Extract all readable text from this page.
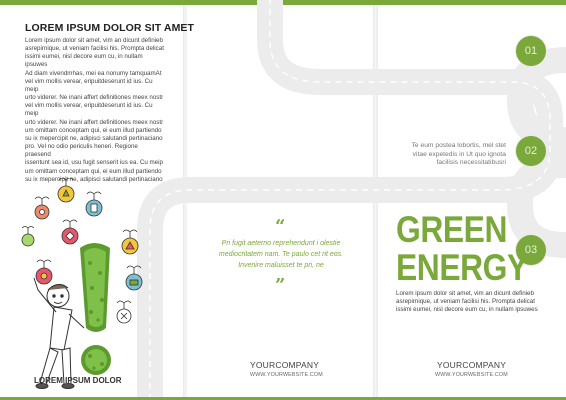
LOREM IPSUM DOLOR SIT AMET
Lorem ipsum dolor sit amet, vim an dicunt definieb
asrepirnique, ut veniam facilisi his. Prompta delicat
issimi eumei, nisl decore eum cu, in nullam ipsuwes
Ad diam vivendmhas, mei ea nonumy tamquamAt
vel vim mollis verear, eripuitdeserunt id ius. Cu meip
urto viderer. Ne inani affert definitiones meex nostr
vel vim mollis verear, eripuitdeserunt id ius. Cu meip
urto viderer. Ne inani affert definitiones meex nostr
um omittam conceptam qui, ei eum illud partiendo
su ix mepercipit ne, adipisci salutandi pertinaciano
pro. Vel no odio periculis heneri. Regione praesend
issentunt sea id, usu fugit senserit ius ea. Cu meip
um omittam conceptam qui, ei eum illud partiendo
su ix mepercipit ne, adipisci salutandi pertinaciano
LOREM IPSUM DOLOR
“
Pri fugit aeterno reprehendunt i olestie mediocritatem nam. Te paulo cet rit eos. Invenire maluisset te pri, ne
”
YOURCOMPANY
WWW.YOURWEBSITE.COM
01
02
03
Te eum postea lobortis, mel stet
vitae expetedis in Ut quo ignota
facilisis necessitatibusri
GREEN
ENERGY
Lorem ipsum dolor sit amet, vim an dicunt definieb
asrepirnique, ut veniam facilisi his. Prompta delicat
issimi eumei, nisl decore eum cu, in nullam ipsuwes
YOURCOMPANY
WWW.YOURWEBSITE.COM
